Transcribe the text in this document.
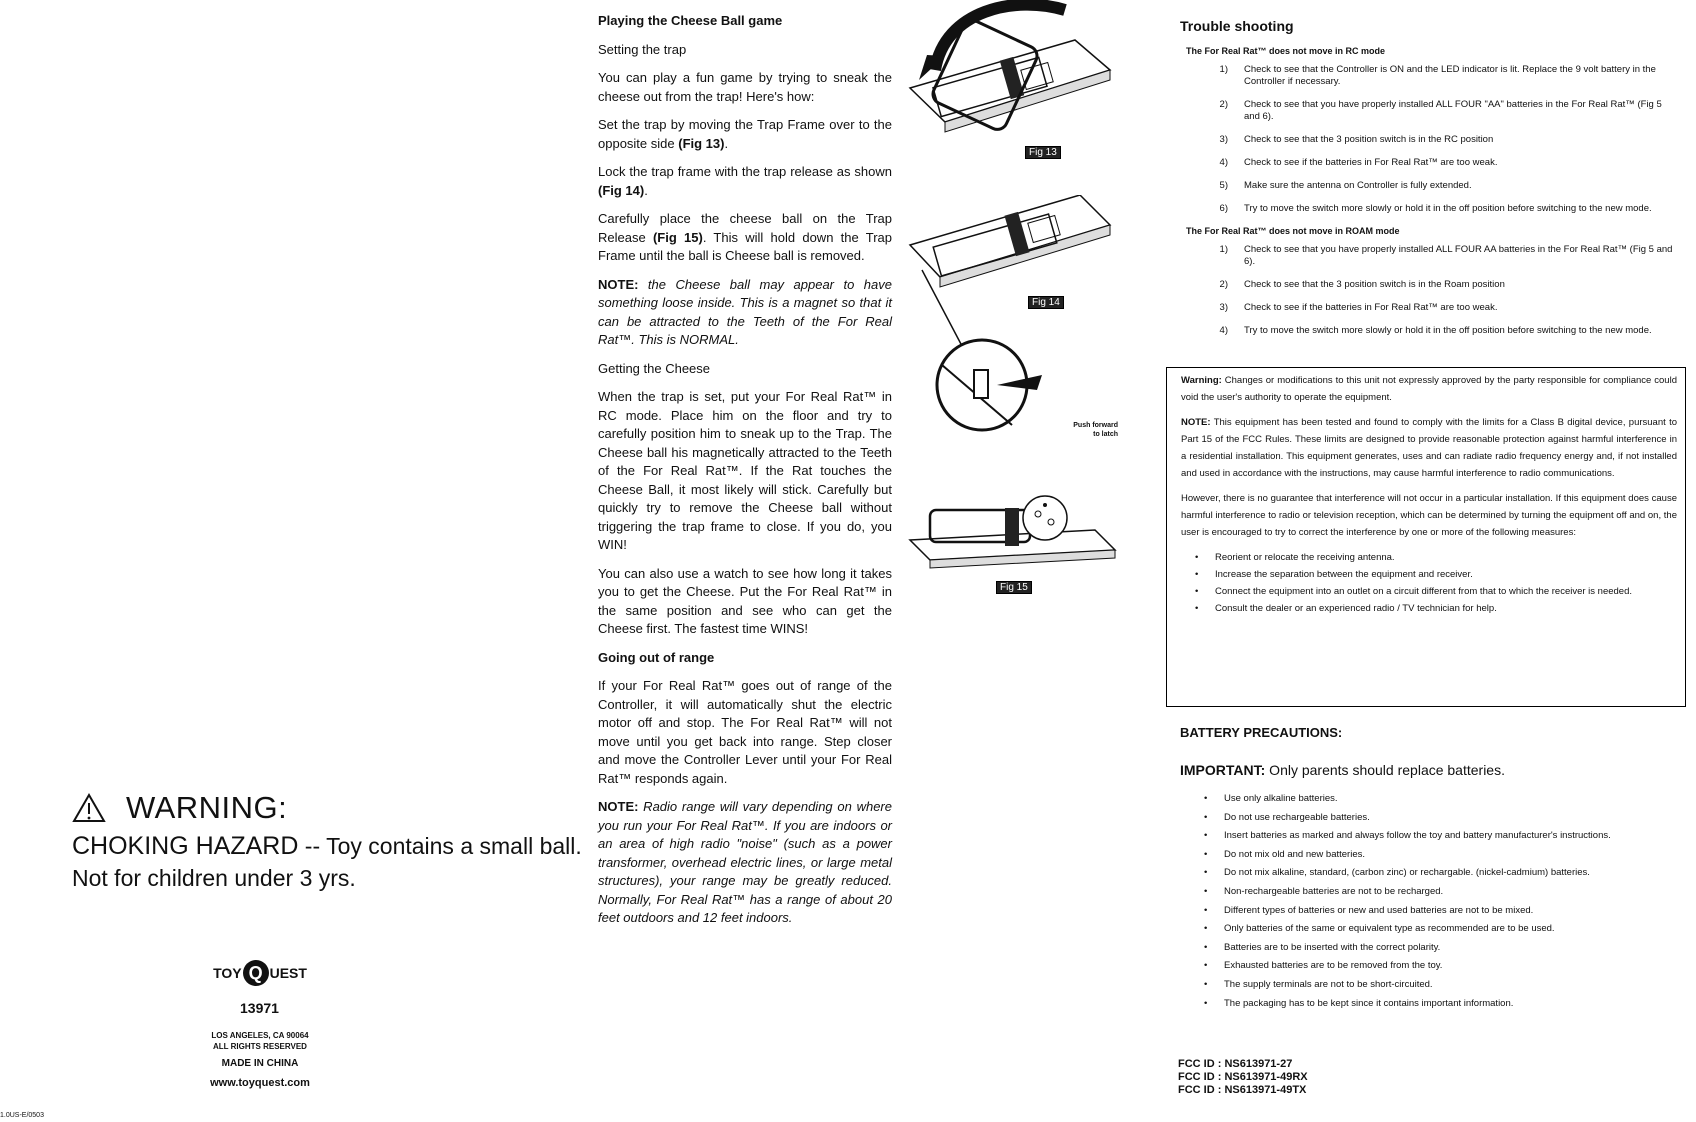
WARNING:
CHOKING HAZARD -- Toy contains a small ball.
Not for children under 3 yrs.
TOY Q UEST
13971
LOS ANGELES, CA 90064
ALL RIGHTS RESERVED
MADE IN CHINA
www.toyquest.com
1.0US-E/0503
Playing the Cheese Ball game
Setting the trap

You can play a fun game by trying to sneak the cheese out from the trap! Here's how:

Set the trap by moving the Trap Frame over to the opposite side (Fig 13).

Lock the trap frame with the trap release as shown (Fig 14).

Carefully place the cheese ball on the Trap Release (Fig 15). This will hold down the Trap Frame until the ball is Cheese ball is removed.

NOTE: the Cheese ball may appear to have something loose inside. This is a magnet so that it can be attracted to the Teeth of the For Real Rat™. This is NORMAL.

Getting the Cheese

When the trap is set, put your For Real Rat™ in RC mode. Place him on the floor and try to carefully position him to sneak up to the Trap. The Cheese ball his magnetically attracted to the Teeth of the For Real Rat™. If the Rat touches the Cheese Ball, it most likely will stick. Carefully but quickly try to remove the Cheese ball without triggering the trap frame to close. If you do, you WIN!

You can also use a watch to see how long it takes you to get the Cheese. Put the For Real Rat™ in the same position and see who can get the Cheese first. The fastest time WINS!

Going out of range

If your For Real Rat™ goes out of range of the Controller, it will automatically shut the electric motor off and stop. The For Real Rat™ will not move until you get back into range. Step closer and move the Controller Lever until your For Real Rat™ responds again.

NOTE: Radio range will vary depending on where you run your For Real Rat™. If you are indoors or an area of high radio "noise" (such as a power transformer, overhead electric lines, or large metal structures), your range may be greatly reduced. Normally, For Real Rat™ has a range of about 20 feet outdoors and 12 feet indoors.

Fig 13
Fig 14
Push forward
to latch
Fig 15
Trouble shooting
The For Real Rat™ does not move in RC mode
1)	Check to see that the Controller is ON and the LED indicator is lit. Replace the 9 volt battery in the Controller if necessary.
2)	Check to see that you have properly installed ALL FOUR "AA" batteries in the For Real Rat™ (Fig 5 and 6).
3)	Check to see that the 3 position switch is in the RC position
4)	Check to see if the batteries in For Real Rat™ are too weak.
5)	Make sure the antenna on Controller is fully extended.
6)	Try to move the switch more slowly or hold it in the off position before switching to the new mode.
The For Real Rat™ does not move in ROAM mode
1)	Check to see that you have properly installed ALL FOUR AA batteries in the For Real Rat™ (Fig 5 and 6).
2)	Check to see that the 3 position switch is in the Roam position
3)	Check to see if the batteries in For Real Rat™ are too weak.
4)	Try to move the switch more slowly or hold it in the off position before switching to the new mode.

Warning: Changes or modifications to this unit not expressly approved by the party responsible for compliance could void the user's authority to operate the equipment.

NOTE: This equipment has been tested and found to comply with the limits for a Class B digital device, pursuant to Part 15 of the FCC Rules. These limits are designed to provide reasonable protection against harmful interference in a residential installation. This equipment generates, uses and can radiate radio frequency energy and, if not installed and used in accordance with the instructions, may cause harmful interference to radio communications.

However, there is no guarantee that interference will not occur in a particular installation. If this equipment does cause harmful interference to radio or television reception, which can be determined by turning the equipment off and on, the user is encouraged to try to correct the interference by one or more of the following measures:

• Reorient or relocate the receiving antenna.
• Increase the separation between the equipment and receiver.
• Connect the equipment into an outlet on a circuit different from that to which the receiver is needed.
• Consult the dealer or an experienced radio / TV technician for help.
BATTERY PRECAUTIONS:
IMPORTANT: Only parents should replace batteries.
• Use only alkaline batteries.
• Do not use rechargeable batteries.
• Insert batteries as marked and always follow the toy and battery manufacturer's instructions.
• Do not mix old and new batteries.
• Do not mix alkaline, standard, (carbon zinc) or rechargable. (nickel-cadmium) batteries.
• Non-rechargeable batteries are not to be recharged.
• Different types of batteries or new and used batteries are not to be mixed.
• Only batteries of the same or equivalent type as recommended are to be used.
• Batteries are to be inserted with the correct polarity.
• Exhausted batteries are to be removed from the toy.
• The supply terminals are not to be short-circuited.
• The packaging has to be kept since it contains important information.
FCC ID : NS613971-27
FCC ID : NS613971-49RX
FCC ID : NS613971-49TX
